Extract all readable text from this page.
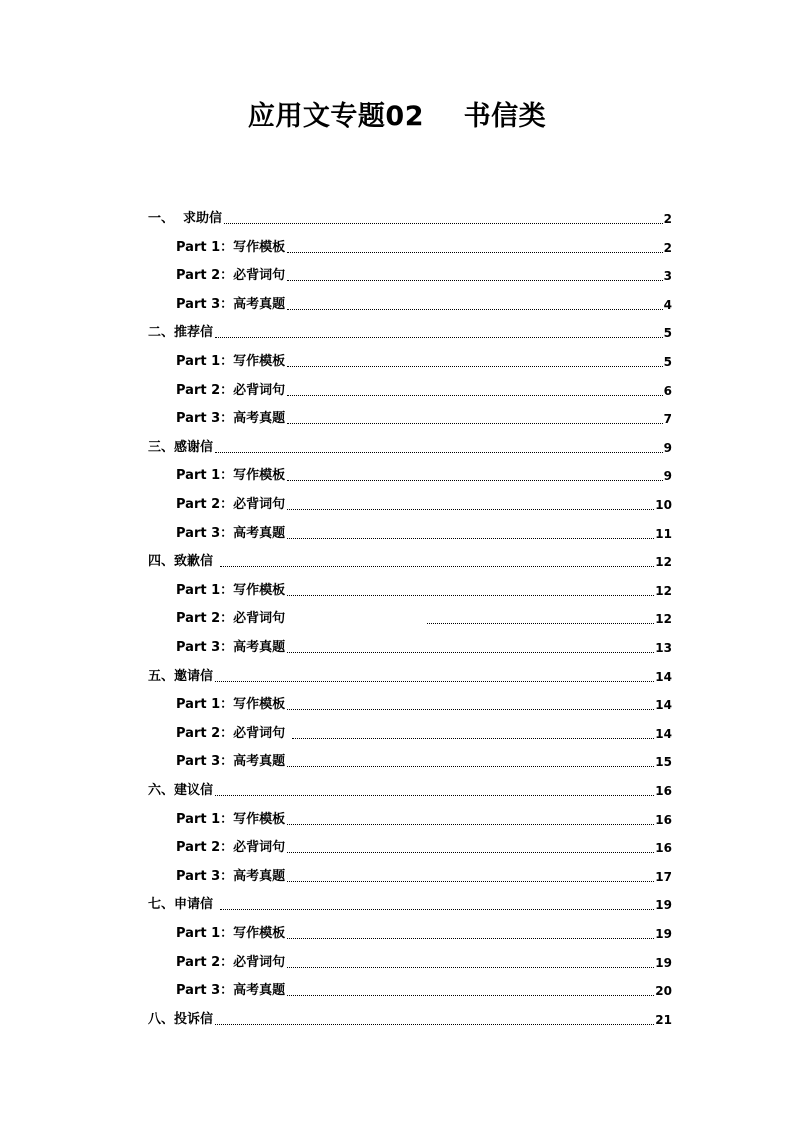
应用文专题02    书信类
一、  求助信	2
Part 1：写作模板	2
Part 2：必背词句	3
Part 3：高考真题	4
二、推荐信	5
Part 1：写作模板	5
Part 2：必背词句	6
Part 3：高考真题	7
三、感谢信	9
Part 1：写作模板	9
Part 2：必背词句	10
Part 3：高考真题	11
四、致歉信	12
Part 1：写作模板	12
Part 2：必背词句	12
Part 3：高考真题	13
五、邀请信	14
Part 1：写作模板	14
Part 2：必背词句	14
Part 3：高考真题	15
六、建议信	16
Part 1：写作模板	16
Part 2：必背词句	16
Part 3：高考真题	17
七、申请信	19
Part 1：写作模板	19
Part 2：必背词句	19
Part 3：高考真题	20
八、投诉信	21
